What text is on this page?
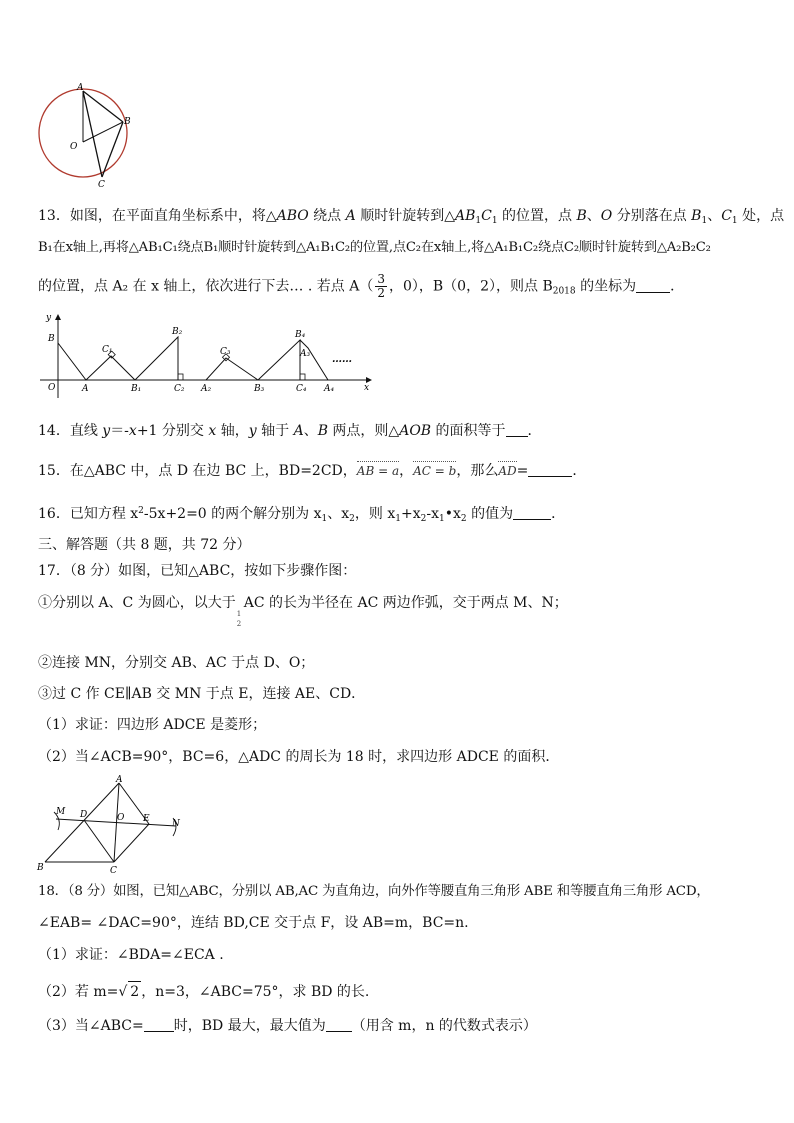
A
B
O
C
13．如图，在平面直角坐标系中，将△ABO 绕点 A 顺时针旋转到$\triangle AB_1C_1$ 的位置，点 B、O 分别落在点 $B_1$、$C_1$ 处，点
B₁在x轴上,再将△AB₁C₁绕点B₁顺时针旋转到△A₁B₁C₂的位置,点C₂在x轴上,将△A₁B₁C₂绕点C₂顺时针旋转到△A₂B₂C₂
的位置，点 A₂ 在 x 轴上，依次进行下去… . 若点 $A( \frac{3}{2}$ ，0），B（0，2），则点 $B_{2018}$ 的坐标为 ．
y
x
B
C₁
B₂
C₃
B₄
A₃
O	A	B₁	C₂ A₂	B₃	C₄ A₄
……
14．直线 y＝-x+1 分别交 x 轴，y 轴于 A、B 两点，则△AOB 的面积等于 ．
15．在△ABC 中，点 D 在边 BC 上，BD=2CD，AB = a，AC = b，那么AD=	．
16．已知方程 $x^2-5x+2=0$ 的两个解分别为 $x_1$、$x_2$，则 $x_1+x_2-x_1•x_2$ 的值为	．
三、解答题（共 8 题，共 72 分）
17．（8 分）如图，已知△ABC，按如下步骤作图：
①分别以 A、C 为圆心，以大于
1
2
AC 的长为半径在 AC 两边作弧，交于两点 M、N；
②连接 MN，分别交 AB、AC 于点 D、O；
③过 C 作 CE∥AB 交 MN 于点 E，连接 AE、CD．
（1）求证：四边形 ADCE 是菱形；
（2）当∠ACB=90°，BC=6，△ADC 的周长为 18 时，求四边形 ADCE 的面积．
A
M D	O E N
B	C
18．（8 分）如图，已知△ABC，分别以 AB,AC 为直角边，向外作等腰直角三角形 ABE 和等腰直角三角形 ACD，
∠EAB= ∠DAC=90°，连结 BD,CE 交于点 F，设 AB=m，BC=n.
（1）求证：∠BDA=∠ECA .
（2）若 m=√ 2 ，n=3，∠ABC=75°，求 BD 的长.
（3）当∠ABC= 时，BD 最大，最大值为 （用含 m，n 的代数式表示）
